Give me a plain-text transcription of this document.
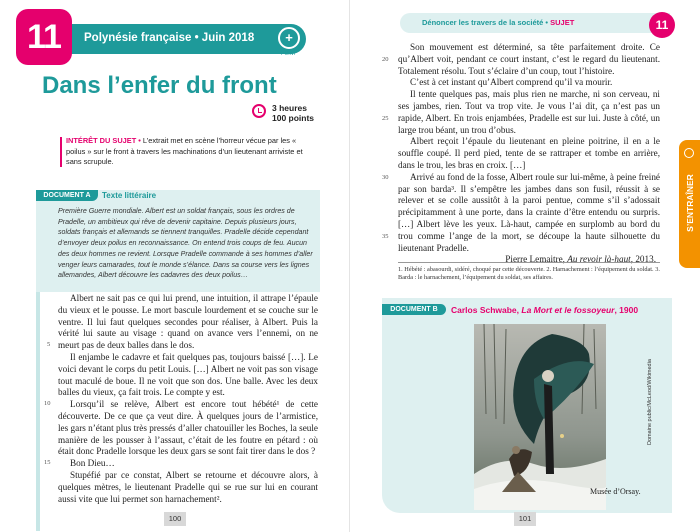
11	Polynésie française • Juin 2018	+
POINT
Dans l’enfer du front
3 heures
100 points
INTÉRÊT DU SUJET • L’extrait met en scène l’horreur vécue par les « poilus » sur le front à travers les machinations d’un lieutenant arriviste et sans scrupule.
DOCUMENT A	Texte littéraire
Première Guerre mondiale. Albert est un soldat français, sous les ordres de Pradelle, un ambitieux qui rêve de devenir capitaine. Depuis plusieurs jours, soldats français et allemands se tiennent tranquilles. Pradelle décide cependant d’envoyer deux poilus en reconnaissance. On entend trois coups de feu. Aucun des deux hommes ne revient. Lorsque Pradelle commande à ses hommes d’aller venger leurs camarades, tout le monde s’élance. Dans sa course vers les lignes allemandes, Albert découvre les cadavres des deux poilus…

Albert ne sait pas ce qui lui prend, une intuition, il attrape l’épaule du vieux et le pousse. Le mort bascule lourdement et se couche sur le ventre. Il lui faut quelques secondes pour réaliser, à Albert. Puis la vérité lui saute au visage : quand on avance vers l’ennemi, on ne meurt pas de deux balles dans le dos.

Il enjambe le cadavre et fait quelques pas, toujours baissé […]. Le voici devant le corps du petit Louis. […] Albert ne voit pas son visage tout maculé de boue. Il ne voit que son dos. Une balle. Avec les deux balles du vieux, ça fait trois. Le compte y est.

Lorsqu’il se relève, Albert est encore tout hébété¹ de cette découverte. De ce que ça veut dire. À quelques jours de l’armistice, les gars n’étant plus très pressés d’aller chatouiller les Boches, la seule manière de les pousser à l’assaut, c’était de les foutre en pétard : où était donc Pradelle lorsque les deux gars se sont fait tirer dans le dos ?

Bon Dieu…

Stupéfié par ce constat, Albert se retourne et découvre alors, à quelques mètres, le lieutenant Pradelle qui se rue sur lui en courant aussi vite que lui permet son harnachement².

5
10
15
100
Dénoncer les travers de la société • SUJET	11
S’ENTRAÎNER

Son mouvement est déterminé, sa tête parfaitement droite. Ce qu’Albert voit, pendant ce court instant, c’est le regard du lieutenant. Totalement résolu. Tout s’éclaire d’un coup, tout l’histoire.

C’est à cet instant qu’Albert comprend qu’il va mourir.

Il tente quelques pas, mais plus rien ne marche, ni son cerveau, ni ses jambes, rien. Tout va trop vite. Je vous l’ai dit, ça n’est pas un rapide, Albert. En trois enjambées, Pradelle est sur lui. Juste à côté, un large trou béant, un trou d’obus.

Albert reçoit l’épaule du lieutenant en pleine poitrine, il en a le souffle coupé. Il perd pied, tente de se rattraper et tombe en arrière, dans le trou, les bras en croix. […]

Arrivé au fond de la fosse, Albert roule sur lui-même, à peine freiné par son barda³. Il s’empêtre les jambes dans son fusil, réussit à se relever et se colle aussitôt à la paroi pentue, comme s’il s’adossait précipitamment à une porte, dans la crainte d’être entendu ou surpris. […] Albert lève les yeux. Là-haut, campée en surplomb au bord du trou comme l’ange de la mort, se découpe la haute silhouette du lieutenant Pradelle.

Pierre Lemaitre, Au revoir là-haut, 2013.

20
25
30
35
1. Hébété : abasourdi, sidéré, choqué par cette découverte. 2. Harnachement : l’équipement du soldat. 3. Barda : le harnachement, l’équipement du soldat, ses affaires.
DOCUMENT B	Carlos Schwabe, La Mort et le fossoyeur, 1900
Domaine public/McLeod/Wikimedia
Musée d’Orsay.
101
